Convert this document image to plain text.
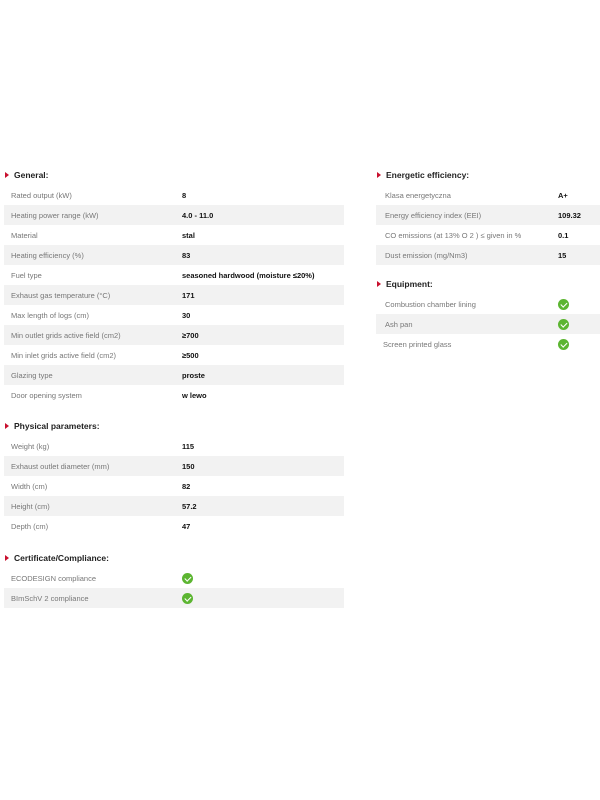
General:
Rated output (kW)	8
Heating power range (kW)	4.0 - 11.0
Material	stal
Heating efficiency (%)	83
Fuel type	seasoned hardwood (moisture ≤20%)
Exhaust gas temperature (°C)	171
Max length of logs (cm)	30
Min outlet grids active field (cm2)	≥700
Min inlet grids active field (cm2)	≥500
Glazing type	proste
Door opening system	w lewo
Physical parameters:
Weight (kg)	115
Exhaust outlet diameter (mm)	150
Width (cm)	82
Height (cm)	57.2
Depth (cm)	47
Certificate/Compliance:
ECODESIGN compliance
BImSchV 2 compliance
Energetic efficiency:
Klasa energetyczna	A+
Energy efficiency index (EEI)	109.32
CO emissions (at 13% O 2 ) ≤ given in %	0.1
Dust emission (mg/Nm3)	15
Equipment:
Combustion chamber lining
Ash pan
Screen printed glass
